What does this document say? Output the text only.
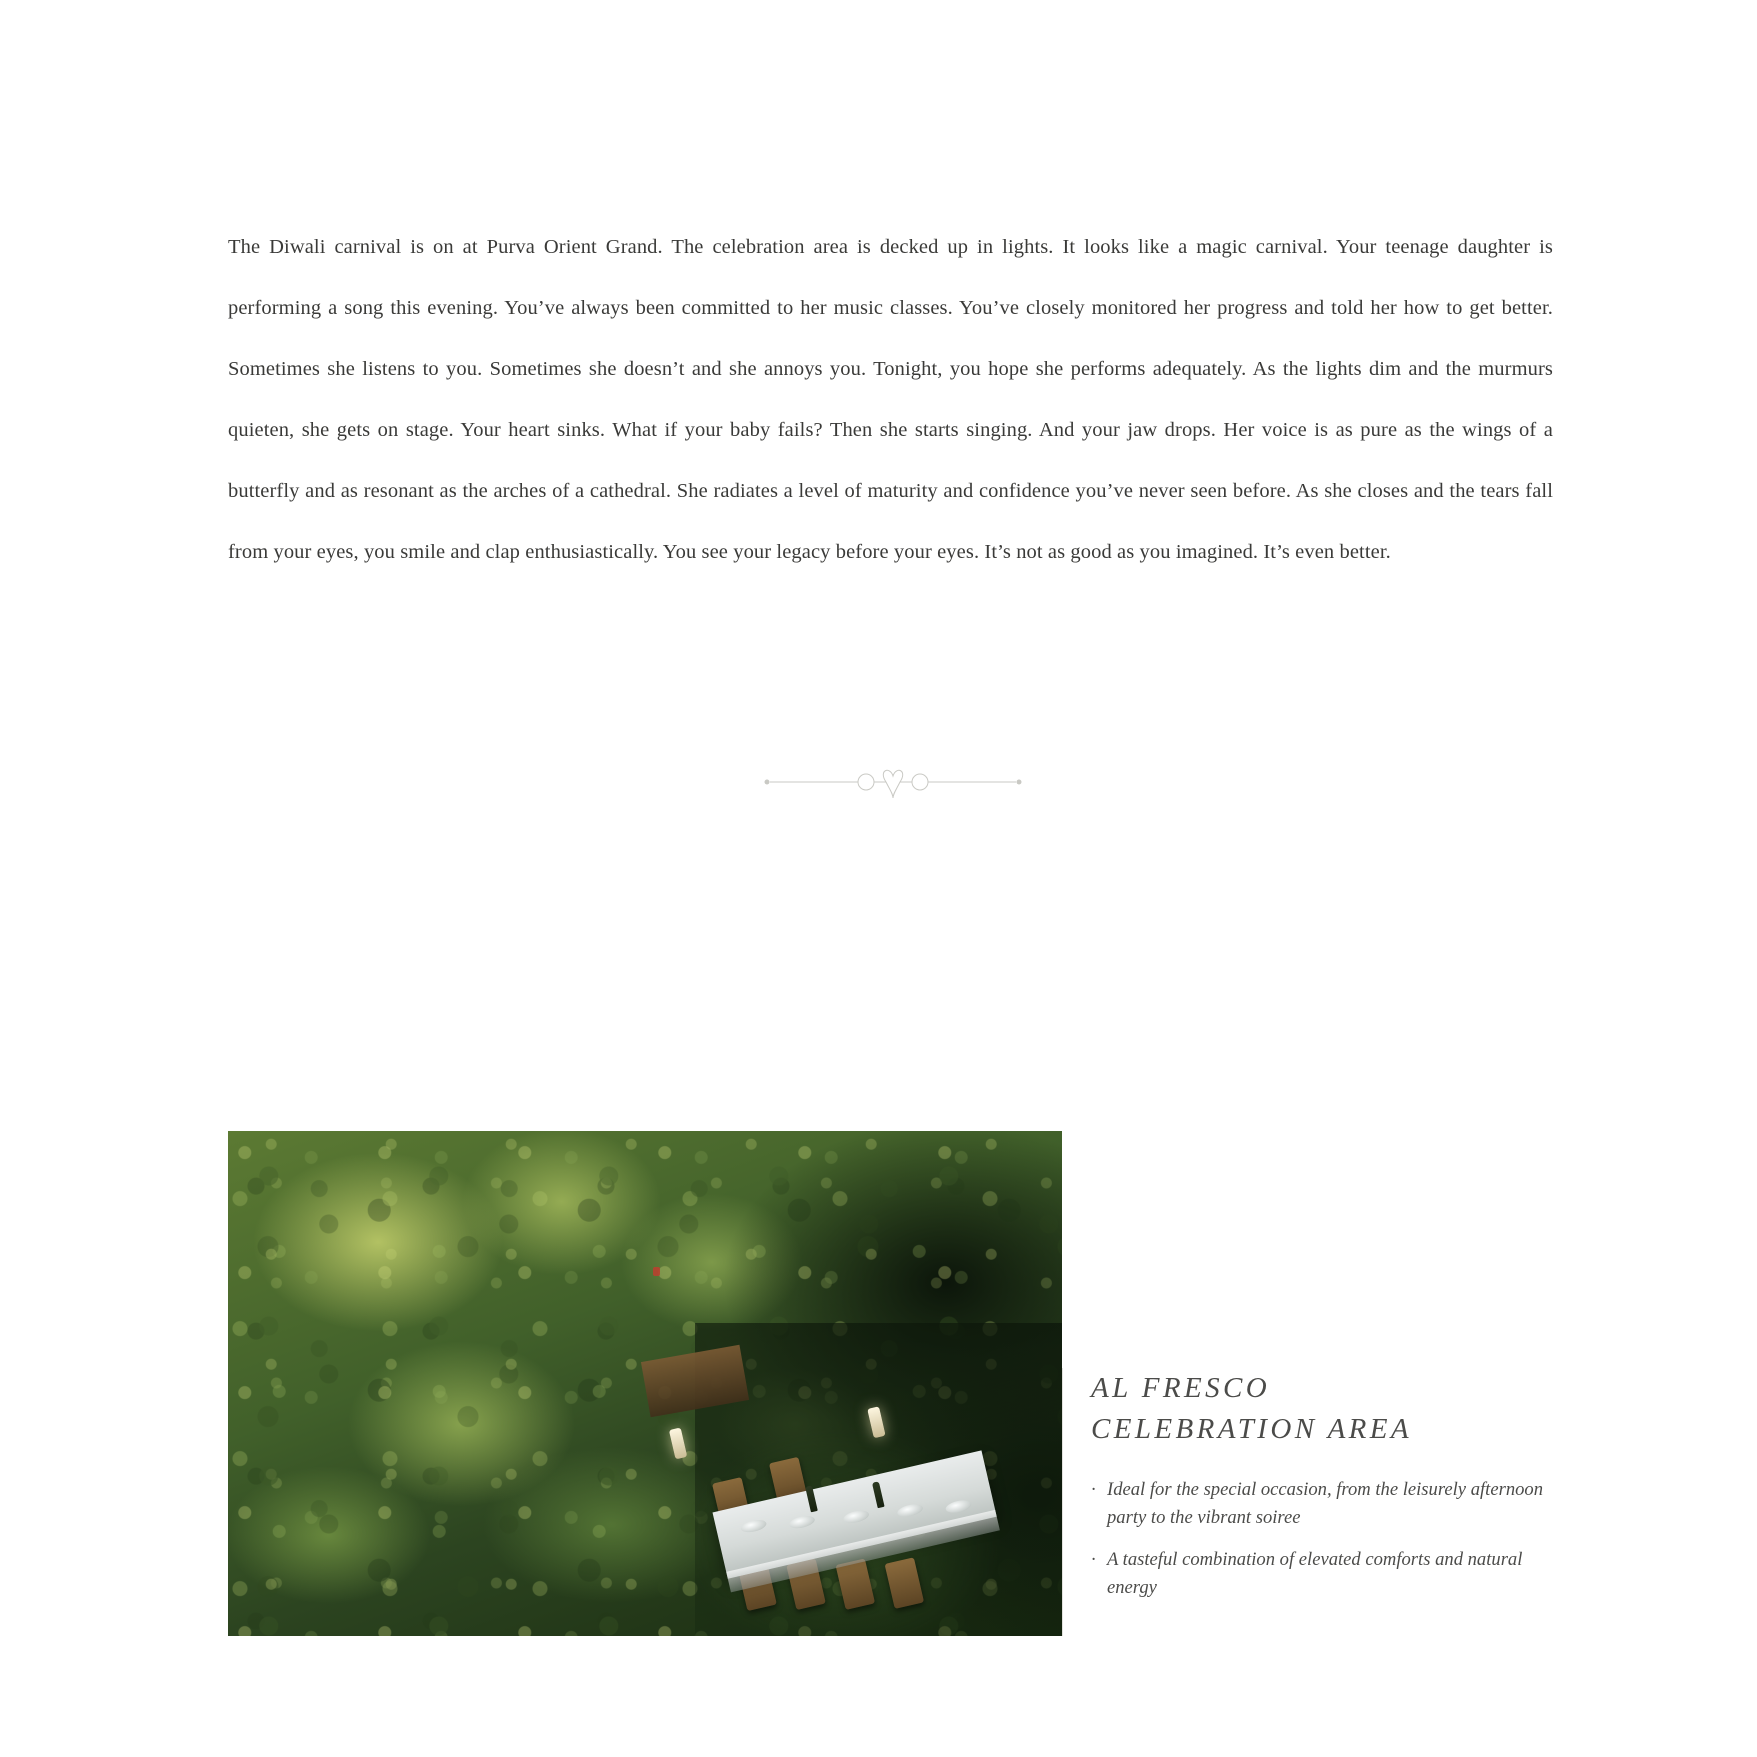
The Diwali carnival is on at Purva Orient Grand. The celebration area is decked up in lights. It looks like a magic carnival. Your teenage daughter is performing a song this evening. You’ve always been committed to her music classes. You’ve closely monitored her progress and told her how to get better. Sometimes she listens to you. Sometimes she doesn’t and she annoys you. Tonight, you hope she performs adequately. As the lights dim and the murmurs quieten, she gets on stage. Your heart sinks. What if your baby fails? Then she starts singing. And your jaw drops. Her voice is as pure as the wings of a butterfly and as resonant as the arches of a cathedral. She radiates a level of maturity and confidence you’ve never seen before. As she closes and the tears fall from your eyes, you smile and clap enthusiastically. You see your legacy before your eyes. It’s not as good as you imagined. It’s even better.

AL FRESCO
CELEBRATION AREA
· Ideal for the special occasion, from the leisurely afternoon party to the vibrant soiree
· A tasteful combination of elevated comforts and natural energy
